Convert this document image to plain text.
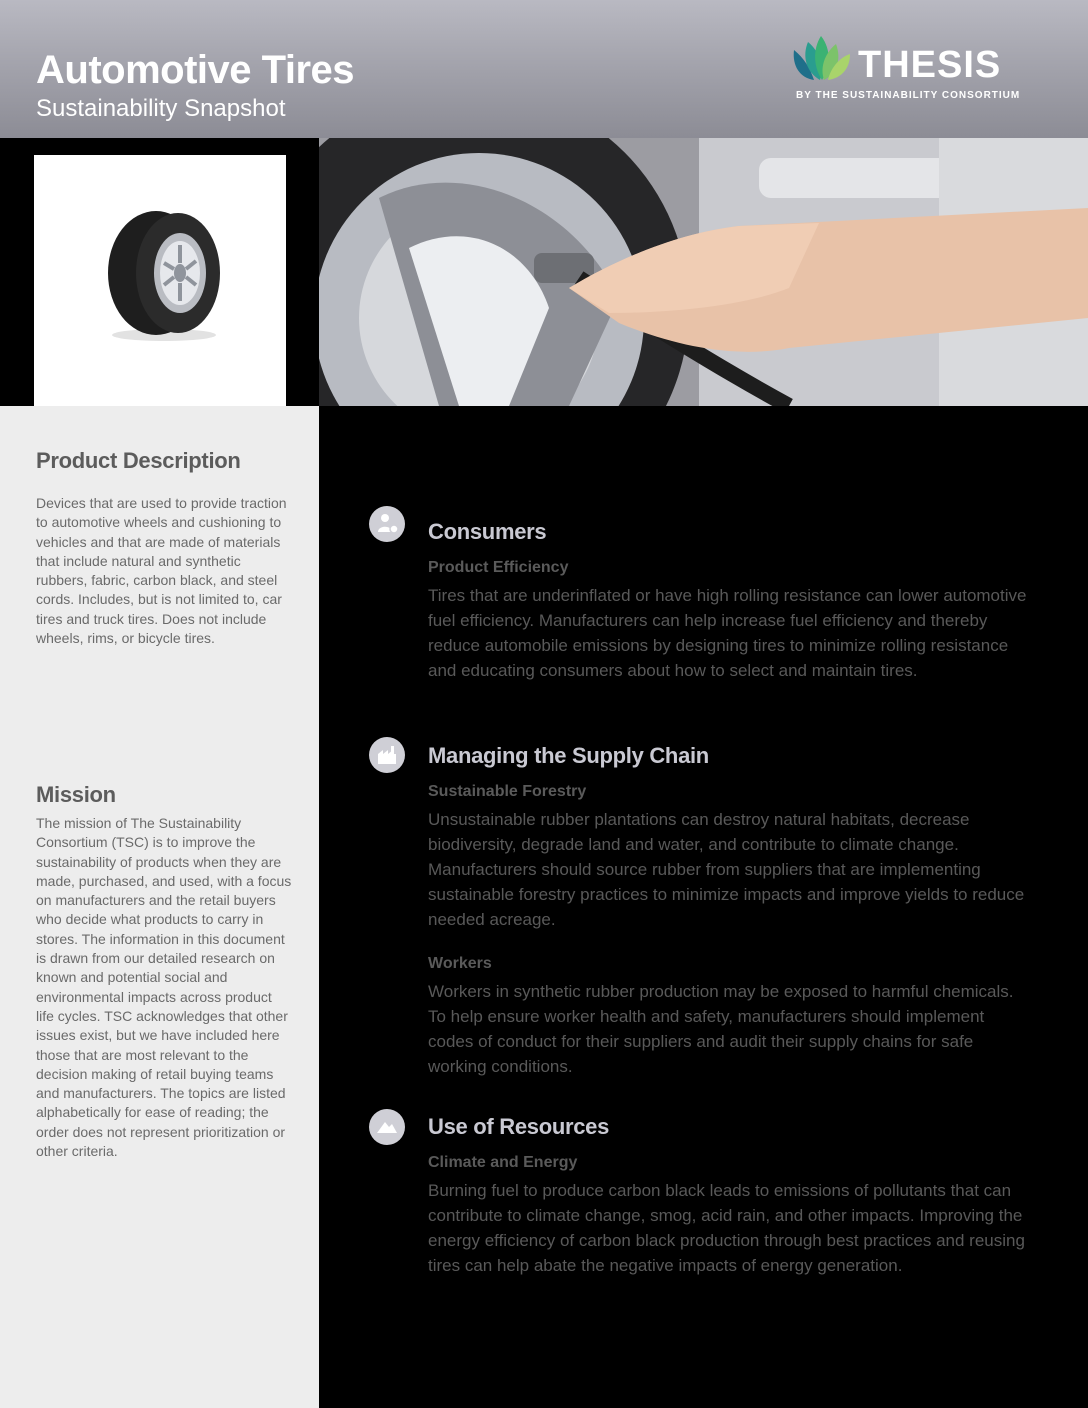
Automotive Tires
Sustainability Snapshot
THESIS
BY THE SUSTAINABILITY CONSORTIUM
Product Description

Devices that are used to provide traction to automotive wheels and cushioning to vehicles and that are made of materials that include natural and synthetic rubbers, fabric, carbon black, and steel cords. Includes, but is not limited to, car tires and truck tires. Does not include wheels, rims, or bicycle tires.

Mission

The mission of The Sustainability Consortium (TSC) is to improve the sustainability of products when they are made, purchased, and used, with a focus on manufacturers and the retail buyers who decide what products to carry in stores. The information in this document is drawn from our detailed research on known and potential social and environmental impacts across product life cycles. TSC acknowledges that other issues exist, but we have included here those that are most relevant to the decision making of retail buying teams and manufacturers. The topics are listed alphabetically for ease of reading; the order does not represent prioritization or other criteria.

Consumers
Product Efficiency
Tires that are underinflated or have high rolling resistance can lower automotive fuel efficiency. Manufacturers can help increase fuel efficiency and thereby reduce automobile emissions by designing tires to minimize rolling resistance and educating consumers about how to select and maintain tires.
Managing the Supply Chain
Sustainable Forestry
Unsustainable rubber plantations can destroy natural habitats, decrease biodiversity, degrade land and water, and contribute to climate change. Manufacturers should source rubber from suppliers that are implementing sustainable forestry practices to minimize impacts and improve yields to reduce needed acreage.
Workers
Workers in synthetic rubber production may be exposed to harmful chemicals. To help ensure worker health and safety, manufacturers should implement codes of conduct for their suppliers and audit their supply chains for safe working conditions.
Use of Resources
Climate and Energy
Burning fuel to produce carbon black leads to emissions of pollutants that can contribute to climate change, smog, acid rain, and other impacts. Improving the energy efficiency of carbon black production through best practices and reusing tires can help abate the negative impacts of energy generation.
